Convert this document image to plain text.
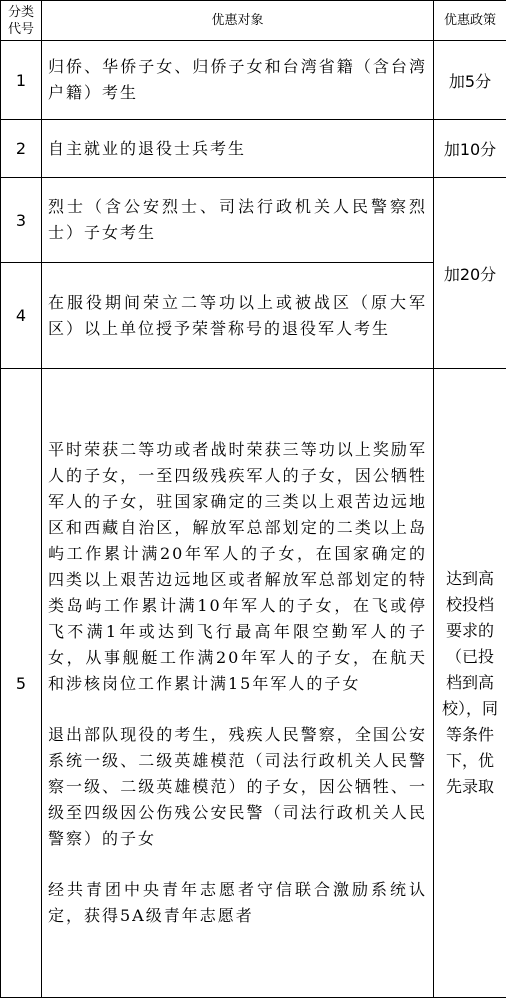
分类
代号	优惠对象	优惠政策
1	归侨、华侨子女、归侨子女和台湾省籍（含台湾户籍）考生	加5分
2	自主就业的退役士兵考生	加10分
3	烈士（含公安烈士、司法行政机关人民警察烈士）子女考生	加20分
4	在服役期间荣立二等功以上或被战区（原大军区）以上单位授予荣誉称号的退役军人考生	
5	平时荣获二等功或者战时荣获三等功以上奖励军人的子女，一至四级残疾军人的子女，因公牺牲军人的子女，驻国家确定的三类以上艰苦边远地区和西藏自治区，解放军总部划定的二类以上岛屿工作累计满20年军人的子女，在国家确定的四类以上艰苦边远地区或者解放军总部划定的特类岛屿工作累计满10年军人的子女，在飞或停飞不满1年或达到飞行最高年限空勤军人的子女，从事舰艇工作满20年军人的子女，在航天和涉核岗位工作累计满15年军人的子女

退出部队现役的考生，残疾人民警察，全国公安系统一级、二级英雄模范（司法行政机关人民警察一级、二级英雄模范）的子女，因公牺牲、一级至四级因公伤残公安民警（司法行政机关人民警察）的子女

经共青团中央青年志愿者守信联合激励系统认定，获得5A级青年志愿者	达到高校投档要求的（已投档到高校），同等条件下，优先录取
